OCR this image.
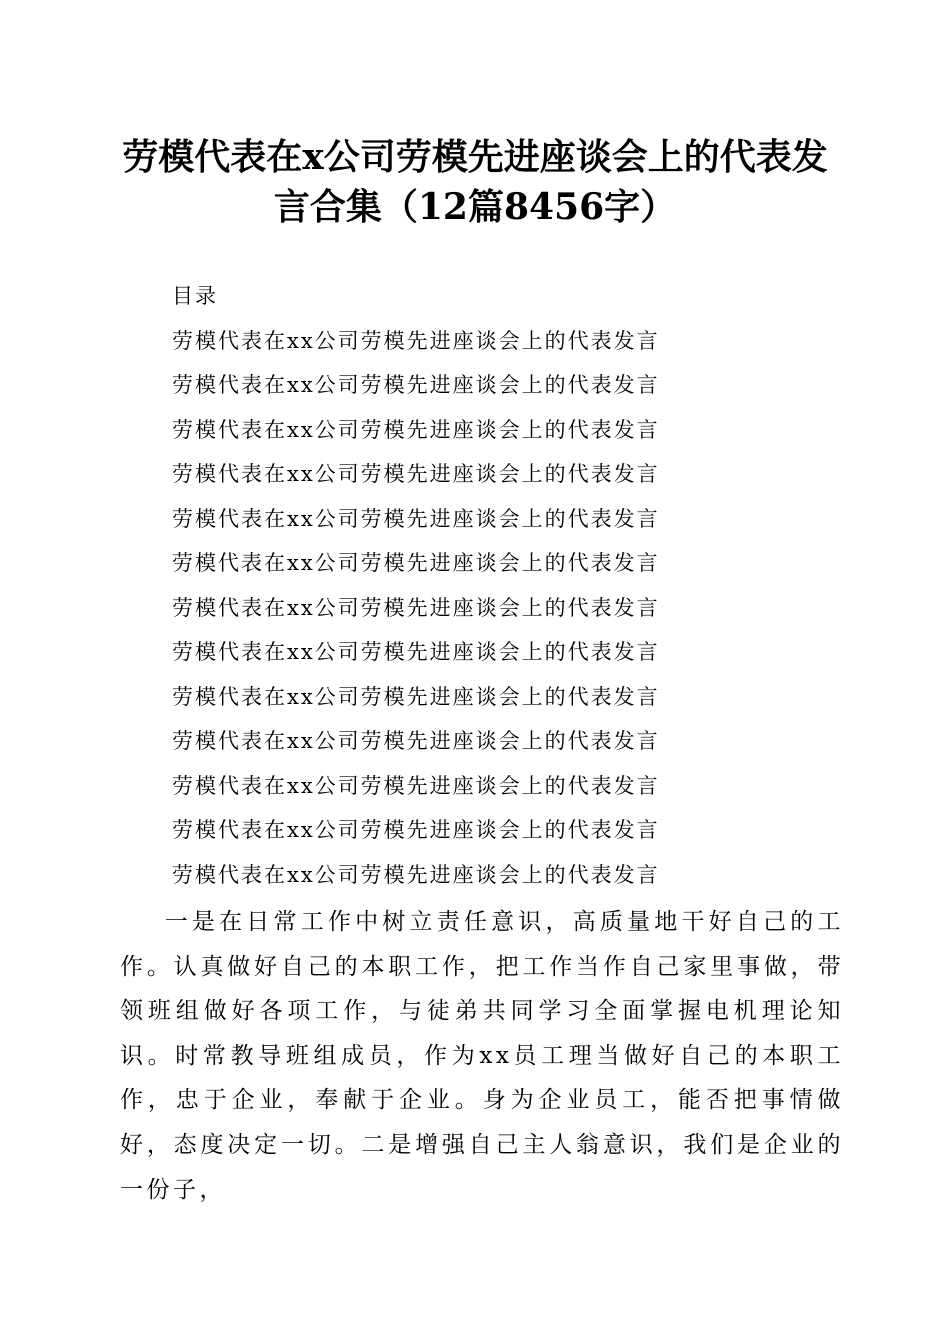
劳模代表在x公司劳模先进座谈会上的代表发
言合集（12篇8456字）
目录
劳模代表在xx公司劳模先进座谈会上的代表发言
劳模代表在xx公司劳模先进座谈会上的代表发言
劳模代表在xx公司劳模先进座谈会上的代表发言
劳模代表在xx公司劳模先进座谈会上的代表发言
劳模代表在xx公司劳模先进座谈会上的代表发言
劳模代表在xx公司劳模先进座谈会上的代表发言
劳模代表在xx公司劳模先进座谈会上的代表发言
劳模代表在xx公司劳模先进座谈会上的代表发言
劳模代表在xx公司劳模先进座谈会上的代表发言
劳模代表在xx公司劳模先进座谈会上的代表发言
劳模代表在xx公司劳模先进座谈会上的代表发言
劳模代表在xx公司劳模先进座谈会上的代表发言
劳模代表在xx公司劳模先进座谈会上的代表发言

一是在日常工作中树立责任意识，高质量地干好自己的工作。认真做好自己的本职工作，把工作当作自己家里事做，带领班组做好各项工作，与徒弟共同学习全面掌握电机理论知识。时常教导班组成员，作为xx员工理当做好自己的本职工作，忠于企业，奉献于企业。身为企业员工，能否把事情做好，态度决定一切。二是增强自己主人翁意识，我们是企业的一份子，
